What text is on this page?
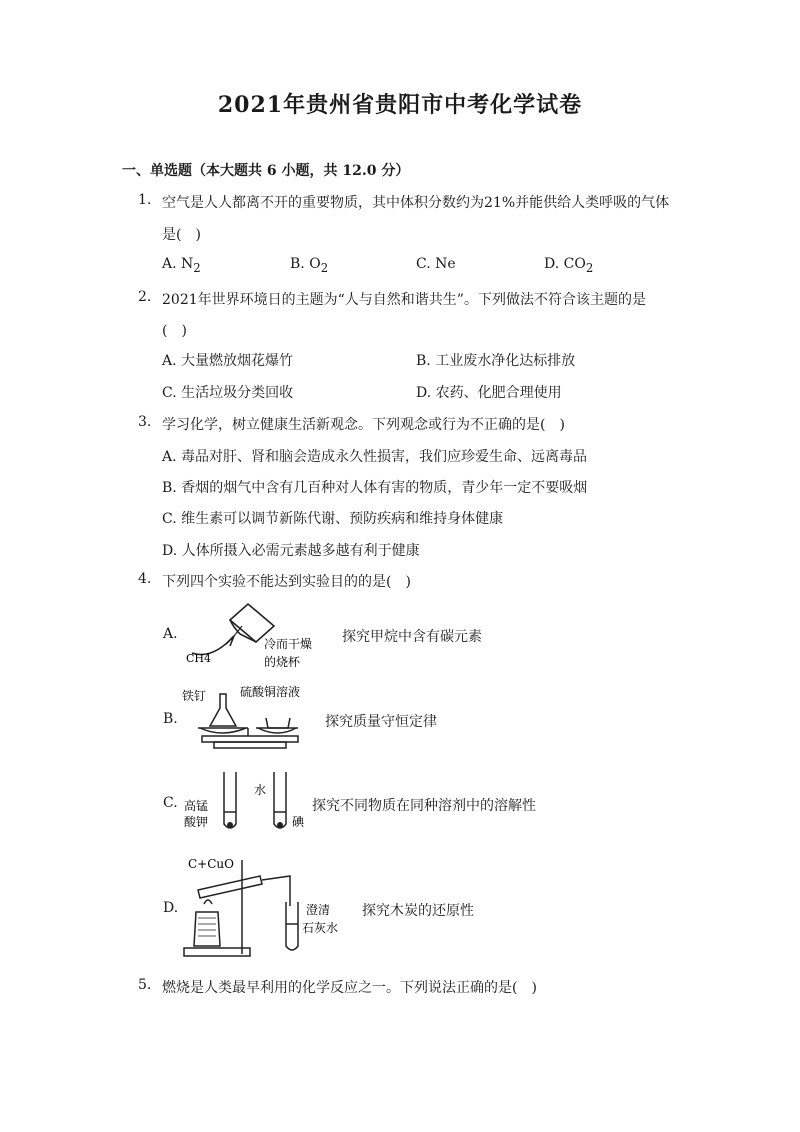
2021年贵州省贵阳市中考化学试卷
一、单选题（本大题共 6 小题，共 12.0 分）
1. 空气是人人都离不开的重要物质，其中体积分数约为21%并能供给人类呼吸的气体
是(　)
A. $N_2$	B. $O_2$	C. Ne	D. $CO_2$
2. 2021年世界环境日的主题为“人与自然和谐共生”。下列做法不符合该主题的是
(　)
A. 大量燃放烟花爆竹	B. 工业废水净化达标排放
C. 生活垃圾分类回收	D. 农药、化肥合理使用
3. 学习化学，树立健康生活新观念。下列观念或行为不正确的是(　)
A. 毒品对肝、肾和脑会造成永久性损害，我们应珍爱生命、远离毒品
B. 香烟的烟气中含有几百种对人体有害的物质，青少年一定不要吸烟
C. 维生素可以调节新陈代谢、预防疾病和维持身体健康
D. 人体所摄入必需元素越多越有利于健康
4. 下列四个实验不能达到实验目的的是(　)
A.
CH4
冷而干燥
的烧杯
探究甲烷中含有碳元素
B.
铁钉	硫酸铜溶液
探究质量守恒定律
C. 高锰
酸钾
水
碘
探究不同物质在同种溶剂中的溶解性
D.
C+CuO
澄清
石灰水
探究木炭的还原性
5. 燃烧是人类最早利用的化学反应之一。下列说法正确的是(　)
